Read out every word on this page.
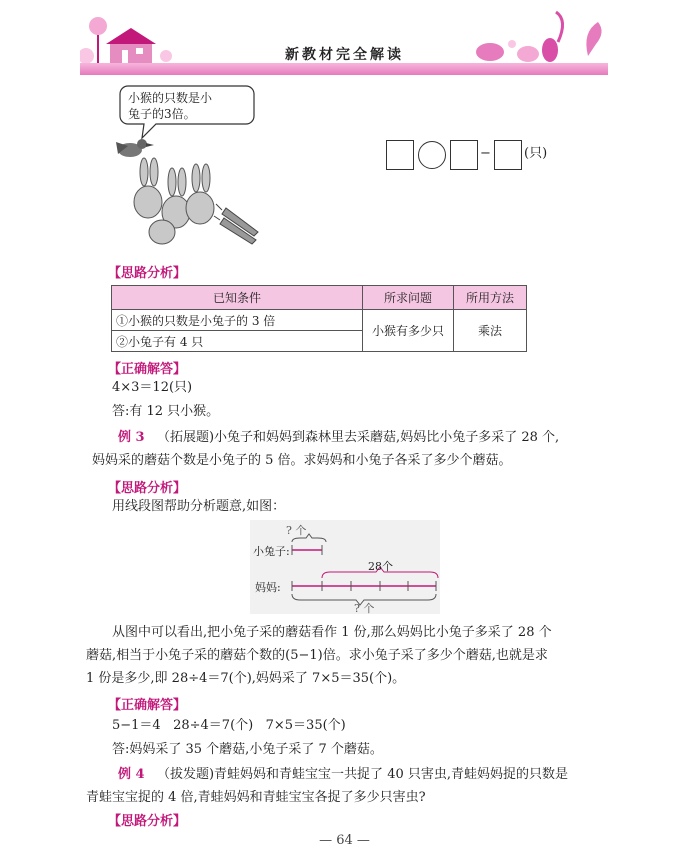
新教材完全解读
小猴的只数是小
兔子的3倍。
−	(只)
【思路分析】
已知条件	所求问题	所用方法
①小猴的只数是小兔子的 3 倍	小猴有多少只	乘法
②小兔子有 4 只		
【正确解答】
4×3＝12(只)
答:有 12 只小猴。
例 3 （拓展题)小兔子和妈妈到森林里去采蘑菇,妈妈比小兔子多采了 28 个,
妈妈采的蘑菇个数是小兔子的 5 倍。求妈妈和小兔子各采了多少个蘑菇。
【思路分析】
用线段图帮助分析题意,如图：
? 个
小兔子:
28个
妈妈:
? 个
从图中可以看出,把小兔子采的蘑菇看作 1 份,那么妈妈比小兔子多采了 28 个
蘑菇,相当于小兔子采的蘑菇个数的(5−1)倍。求小兔子采了多少个蘑菇,也就是求
1 份是多少,即 28÷4＝7(个),妈妈采了 7×5＝35(个)。
【正确解答】
5−1＝4   28÷4＝7(个)   7×5＝35(个)
答:妈妈采了 35 个蘑菇,小兔子采了 7 个蘑菇。
例 4 （拔发题)青蛙妈妈和青蛙宝宝一共捉了 40 只害虫,青蛙妈妈捉的只数是
青蛙宝宝捉的 4 倍,青蛙妈妈和青蛙宝宝各捉了多少只害虫?
【思路分析】
— 64 —
